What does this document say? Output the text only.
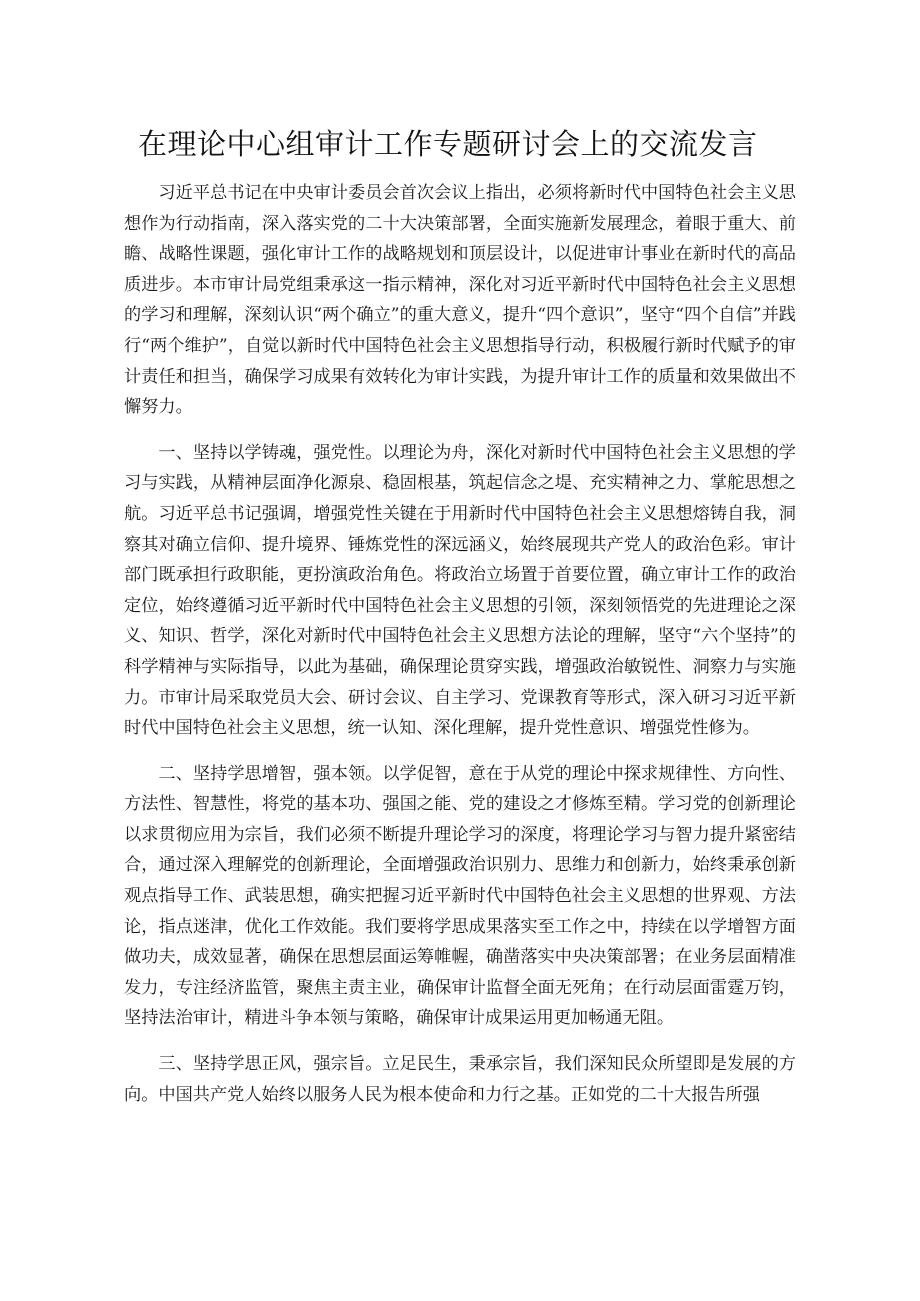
在理论中心组审计工作专题研讨会上的交流发言

习近平总书记在中央审计委员会首次会议上指出，必须将新时代中国特色社会主义思想作为行动指南，深入落实党的二十大决策部署，全面实施新发展理念，着眼于重大、前瞻、战略性课题，强化审计工作的战略规划和顶层设计，以促进审计事业在新时代的高品质进步。本市审计局党组秉承这一指示精神，深化对习近平新时代中国特色社会主义思想的学习和理解，深刻认识“两个确立”的重大意义，提升“四个意识”，坚守“四个自信”并践行“两个维护”，自觉以新时代中国特色社会主义思想指导行动，积极履行新时代赋予的审计责任和担当，确保学习成果有效转化为审计实践，为提升审计工作的质量和效果做出不懈努力。

一、坚持以学铸魂，强党性。以理论为舟，深化对新时代中国特色社会主义思想的学习与实践，从精神层面净化源泉、稳固根基，筑起信念之堤、充实精神之力、掌舵思想之航。习近平总书记强调，增强党性关键在于用新时代中国特色社会主义思想熔铸自我，洞察其对确立信仰、提升境界、锤炼党性的深远涵义，始终展现共产党人的政治色彩。审计部门既承担行政职能，更扮演政治角色。将政治立场置于首要位置，确立审计工作的政治定位，始终遵循习近平新时代中国特色社会主义思想的引领，深刻领悟党的先进理论之深义、知识、哲学，深化对新时代中国特色社会主义思想方法论的理解，坚守“六个坚持”的科学精神与实际指导，以此为基础，确保理论贯穿实践，增强政治敏锐性、洞察力与实施力。市审计局采取党员大会、研讨会议、自主学习、党课教育等形式，深入研习习近平新时代中国特色社会主义思想，统一认知、深化理解，提升党性意识、增强党性修为。

二、坚持学思增智，强本领。以学促智，意在于从党的理论中探求规律性、方向性、方法性、智慧性，将党的基本功、强国之能、党的建设之才修炼至精。学习党的创新理论以求贯彻应用为宗旨，我们必须不断提升理论学习的深度，将理论学习与智力提升紧密结合，通过深入理解党的创新理论，全面增强政治识别力、思维力和创新力，始终秉承创新观点指导工作、武装思想，确实把握习近平新时代中国特色社会主义思想的世界观、方法论，指点迷津，优化工作效能。我们要将学思成果落实至工作之中，持续在以学增智方面做功夫，成效显著，确保在思想层面运筹帷幄，确凿落实中央决策部署；在业务层面精准发力，专注经济监管，聚焦主责主业，确保审计监督全面无死角；在行动层面雷霆万钧，坚持法治审计，精进斗争本领与策略，确保审计成果运用更加畅通无阻。

三、坚持学思正风，强宗旨。立足民生，秉承宗旨，我们深知民众所望即是发展的方向。中国共产党人始终以服务人民为根本使命和力行之基。正如党的二十大报告所强
